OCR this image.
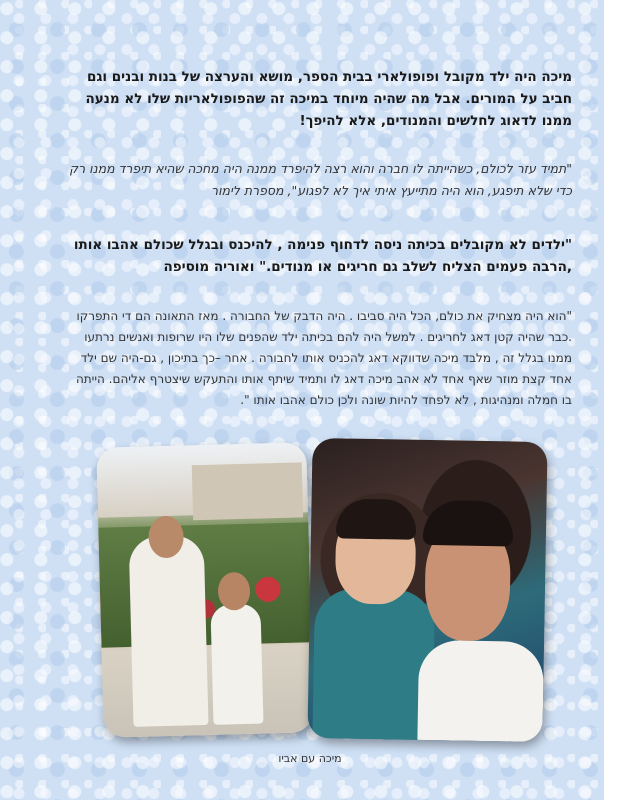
מיכה היה ילד מקובל ופופולארי בבית הספר, מושא והערצה של בנות ובנים וגם חביב על המורים. אבל מה שהיה מיוחד במיכה זה שהפופולאריות שלו לא מנעה ממנו לדאוג לחלשים והמנודים, אלא להיפך!
"תמיד עזר לכולם, כשהייתה לו חברה והוא רצה להיפרד ממנה היה מחכה שהיא תיפרד ממנו רק כדי שלא תיפגע, הוא היה מתייעץ איתי איך לא לפגוע", מספרת לימור
"ילדים לא מקובלים בכיתה ניסה לדחוף פנימה , להיכנס ובגלל שכולם אהבו אותו ,הרבה פעמים הצליח לשלב גם חריגים או מנודים." ואוריה מוסיפה
"הוא היה מצחיק את כולם, הכל היה סביבו . היה הדבק של החבורה . מאז התאונה הם די התפרקו .כבר שהיה קטן דאג לחריגים . למשל היה להם בכיתה ילד שהפנים שלו היו שרופות ואנשים נרתעו ממנו בגלל זה , מלבד מיכה שדווקא דאג להכניס אותו לחבורה . אחר –כך בתיכון , גם-היה שם ילד אחד קצת מוזר שאף אחד לא אהב מיכה דאג לו ותמיד שיתף אותו והתעקש שיצטרף אליהם. הייתה בו חמלה ומנהיגות , לא לפחד להיות שונה ולכן כולם אהבו אותו ".
מיכה עם אביו
